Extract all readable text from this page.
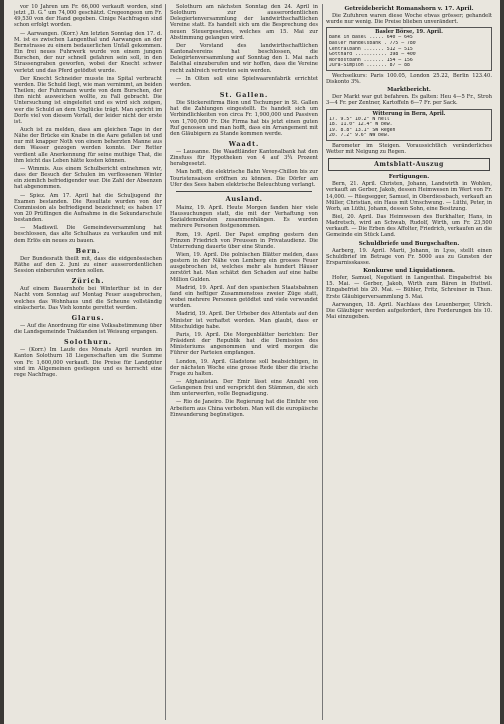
vor 10 Jahren um Fr. 66,000 verkauft worden, sind jetzt „D. G.“ um 74,000 geschätzt. Cregeongeon um Fr. 49,530 von der Hand gegeben. Cinige Nachfragen sind schon erfolgt worden.

— Aarwangen. (Korr.) Am letzten Sonntag den 17. d. M. ist es zwischen Langenthal und Aarwangen an der Bernstrasse zu einem bedauerlichen Unfall gekommen. Ein frei neues Fuhrwerk wurde von einem jungen Burschen, der nur schnell gefahren sein soll, in den Strassengraben geworfen, wobei der Knecht schwer verletzt und das Pferd getödtet wurde.

Der Knecht Schneider musste ins Spital verbracht werden. Die Schuld liegt, wie man vernimmt, an beiden Theilen; der Fuhrmann wurde von dem Burschen, der ihm nicht ausweichen wollte, zu Fall gebracht. Die Untersuchung ist eingeleitet und es wird sich zeigen, wer die Schuld an dem Unglücke trägt. Man spricht im Dorfe viel von diesem Vorfall, der leider nicht der erste ist.

Auch ist zu melden, dass am gleichen Tage in der Nähe der Brücke ein Knabe in die Aare gefallen ist und nur mit knapper Noth von einem beherzten Manne aus dem Wasser gezogen werden konnte. Der Retter verdient alle Anerkennung für seine muthige That, die ihm leicht das Leben hätte kosten können.

— Wimmis. Aus einem Schulbericht entnehmen wir, dass der Besuch der Schulen im verflossenen Winter ein ziemlich befriedigender war. Die Zahl der Absenzen hat abgenommen.

— Spiez. Am 17. April hat die Schuljugend ihr Examen bestanden. Die Resultate wurden von der Commission als befriedigend bezeichnet; es haben 17 von 20 Prüflingen die Aufnahme in die Sekundarschule bestanden.

— Madiswil. Die Gemeindeversammlung hat beschlossen, das alte Schulhaus zu verkaufen und mit dem Erlös ein neues zu bauen.

Bern.

Der Bundesrath theilt mit, dass die eidgenössischen Räthe auf den 2. Juni zu einer ausserordentlichen Session einberufen werden sollen.

Zürich.

Auf einem Bauernhofe bei Winterthur ist in der Nacht vom Sonntag auf Montag Feuer ausgebrochen, welches das Wohnhaus und die Scheune vollständig einäscherte. Das Vieh konnte gerettet werden.

Glarus.

— Auf die Anordnung für eine Volksabstimmung über die Landsgemeinde Traktanden ist Weisung ergangen.

Solothurn.

— (Korr.) Im Laufe des Monats April wurden im Kanton Solothurn 18 Liegenschaften um die Summe von Fr. 1,600,000 verkauft. Die Preise für Landgüter sind im Allgemeinen gestiegen und es herrscht eine rege Nachfrage.

Solothurn am nächsten Sonntag den 24. April in Solothurn zur ausserordentlichen Delegiertenversammlung der landwirthschaftlichen Vereine statt. Es handelt sich um die Besprechung des neuen Steuergesetzes, welches am 15. Mai zur Abstimmung gelangen wird.

Der Vorstand des landwirthschaftlichen Kantonalvereins hat beschlossen, die Delegirtenversammlung auf Sonntag den 1. Mai nach Balsthal einzuberufen und wir hoffen, dass die Vereine recht zahlreich vertreten sein werden.

— In Olten soll eine Spielwaarenfabrik errichtet werden.

St. Gallen.

Die Stickereifirma Bion und Tschumper in St. Gallen hat die Zahlungen eingestellt. Es handelt sich um Verbindlichkeiten von circa Fr. 1,900,000 und Passiven von 1,700,000 Fr. Die Firma hat bis jetzt einen guten Ruf genossen und man hofft, dass ein Arrangement mit den Gläubigern zu Stande kommen werde.

Waadt.

— Lausanne. Die Waadtländer Kantonalbank hat den Zinsfuss für Hypotheken von 4 auf 3¾ Prozent herabgesetzt.

Man hofft, die elektrische Bahn Vevey-Chillon bis zur Touristensaison eröffnen zu können. Die Dörfer am Ufer des Sees haben elektrische Beleuchtung verlangt.

Ausland.

Mainz, 19. April. Heute Morgen fanden hier viele Haussuchungen statt, die mit der Verhaftung von Sozialdemokraten zusammenhängen. Es wurden mehrere Personen festgenommen.

Rom, 19. April. Der Papst empfing gestern den Prinzen Friedrich von Preussen in Privataudienz. Die Unterredung dauerte über eine Stunde.

Wien, 19. April. Die polnischen Blätter melden, dass gestern in der Nähe von Lemberg ein grosses Feuer ausgebrochen ist, welches mehr als hundert Häuser zerstört hat. Man schätzt den Schaden auf eine halbe Million Gulden.

Madrid, 19. April. Auf den spanischen Staatsbahnen fand ein heftiger Zusammenstoss zweier Züge statt, wobei mehrere Personen getödtet und viele verwundet wurden.

Madrid, 19. April. Der Urheber des Attentats auf den Minister ist verhaftet worden. Man glaubt, dass er Mitschuldige habe.

Paris, 19. April. Die Morgenblätter berichten: Der Präsident der Republik hat die Demission des Ministeriums angenommen und wird morgen die Führer der Parteien empfangen.

London, 19. April. Gladstone soll beabsichtigen, in der nächsten Woche eine grosse Rede über die irische Frage zu halten.

— Afghanistan. Der Emir lässt eine Anzahl von Gefangenen frei und verspricht den Stämmen, die sich ihm unterwerfen, volle Begnadigung.

— Rio de Janeiro. Die Regierung hat die Einfuhr von Arbeitern aus China verboten. Man will die europäische Einwanderung begünstigen.

Getreidebericht Romanshorn v. 17. April.

Die Zufuhren waren diese Woche etwas grösser; gehandelt wurde nur wenig. Die Preise blieben unverändert.

Basler Börse, 19. April.
Bank in Basel ..... 640 — 645
Basler Handelsbank . 775 — 780
Centralbahn ....... 512 — 515
Gotthard ........... 398 — 400
Nordostbahn ....... 154 — 156
Jura-Simplon ....... 87 — 88

Wechselkurs: Paris 100.05, London 25.22, Berlin 123.40. Diskonto 3%.

Marktbericht.

Der Markt war gut befahren. Es galten: Heu 4—5 Fr., Stroh 3—4 Fr. per Zentner, Kartoffeln 6—7 Fr. per Sack.

Witterung in Bern, April.
17. 9.5° 10.2° N hell
18. 11.0° 12.4° W bew.
19. 8.8° 13.1° SW Regen
20. 7.2° 9.6° NW bew.

Barometer im Steigen. Voraussichtlich veränderliches Wetter mit Neigung zu Regen.

Amtsblatt-Auszug
Fertigungen.

Bern, 21. April. Christen, Johann, Landwirth in Wohlen, verkauft an Gerber, Jakob, dessen Heimwesen im Wert von Fr. 14,000. — Rüegsegger, Samuel, in Oberdiessbach, verkauft an Müller, Christian, ein Haus mit Umschwung. — Lüthi, Peter, in Worb, an Lüthi, Johann, dessen Sohn, eine Besitzung.

Biel, 20. April. Das Heimwesen des Burkhalter, Hans, in Madretsch, wird an Schwab, Rudolf, Wirth, um Fr. 23,500 verkauft. — Die Erben des Affolter, Friedrich, verkaufen an die Gemeinde ein Stück Land.

Schuldbriefe und Burgschaften.

Aarberg, 19. April. Marti, Johann, in Lyss, stellt einen Schuldbrief im Betrage von Fr. 5000 aus zu Gunsten der Ersparnisskasse.

Konkurse und Liquidationen.

Hofer, Samuel, Negotiant in Langenthal. Eingabefrist bis 15. Mai. — Gerber, Jakob, Wirth zum Bären in Huttwil. Eingabefrist bis 20. Mai. — Bühler, Fritz, Schreiner in Thun. Erste Gläubigerversammlung 5. Mai.

Aarwangen, 18. April. Nachlass des Leuenberger, Ulrich. Die Gläubiger werden aufgefordert, ihre Forderungen bis 10. Mai einzugeben.
